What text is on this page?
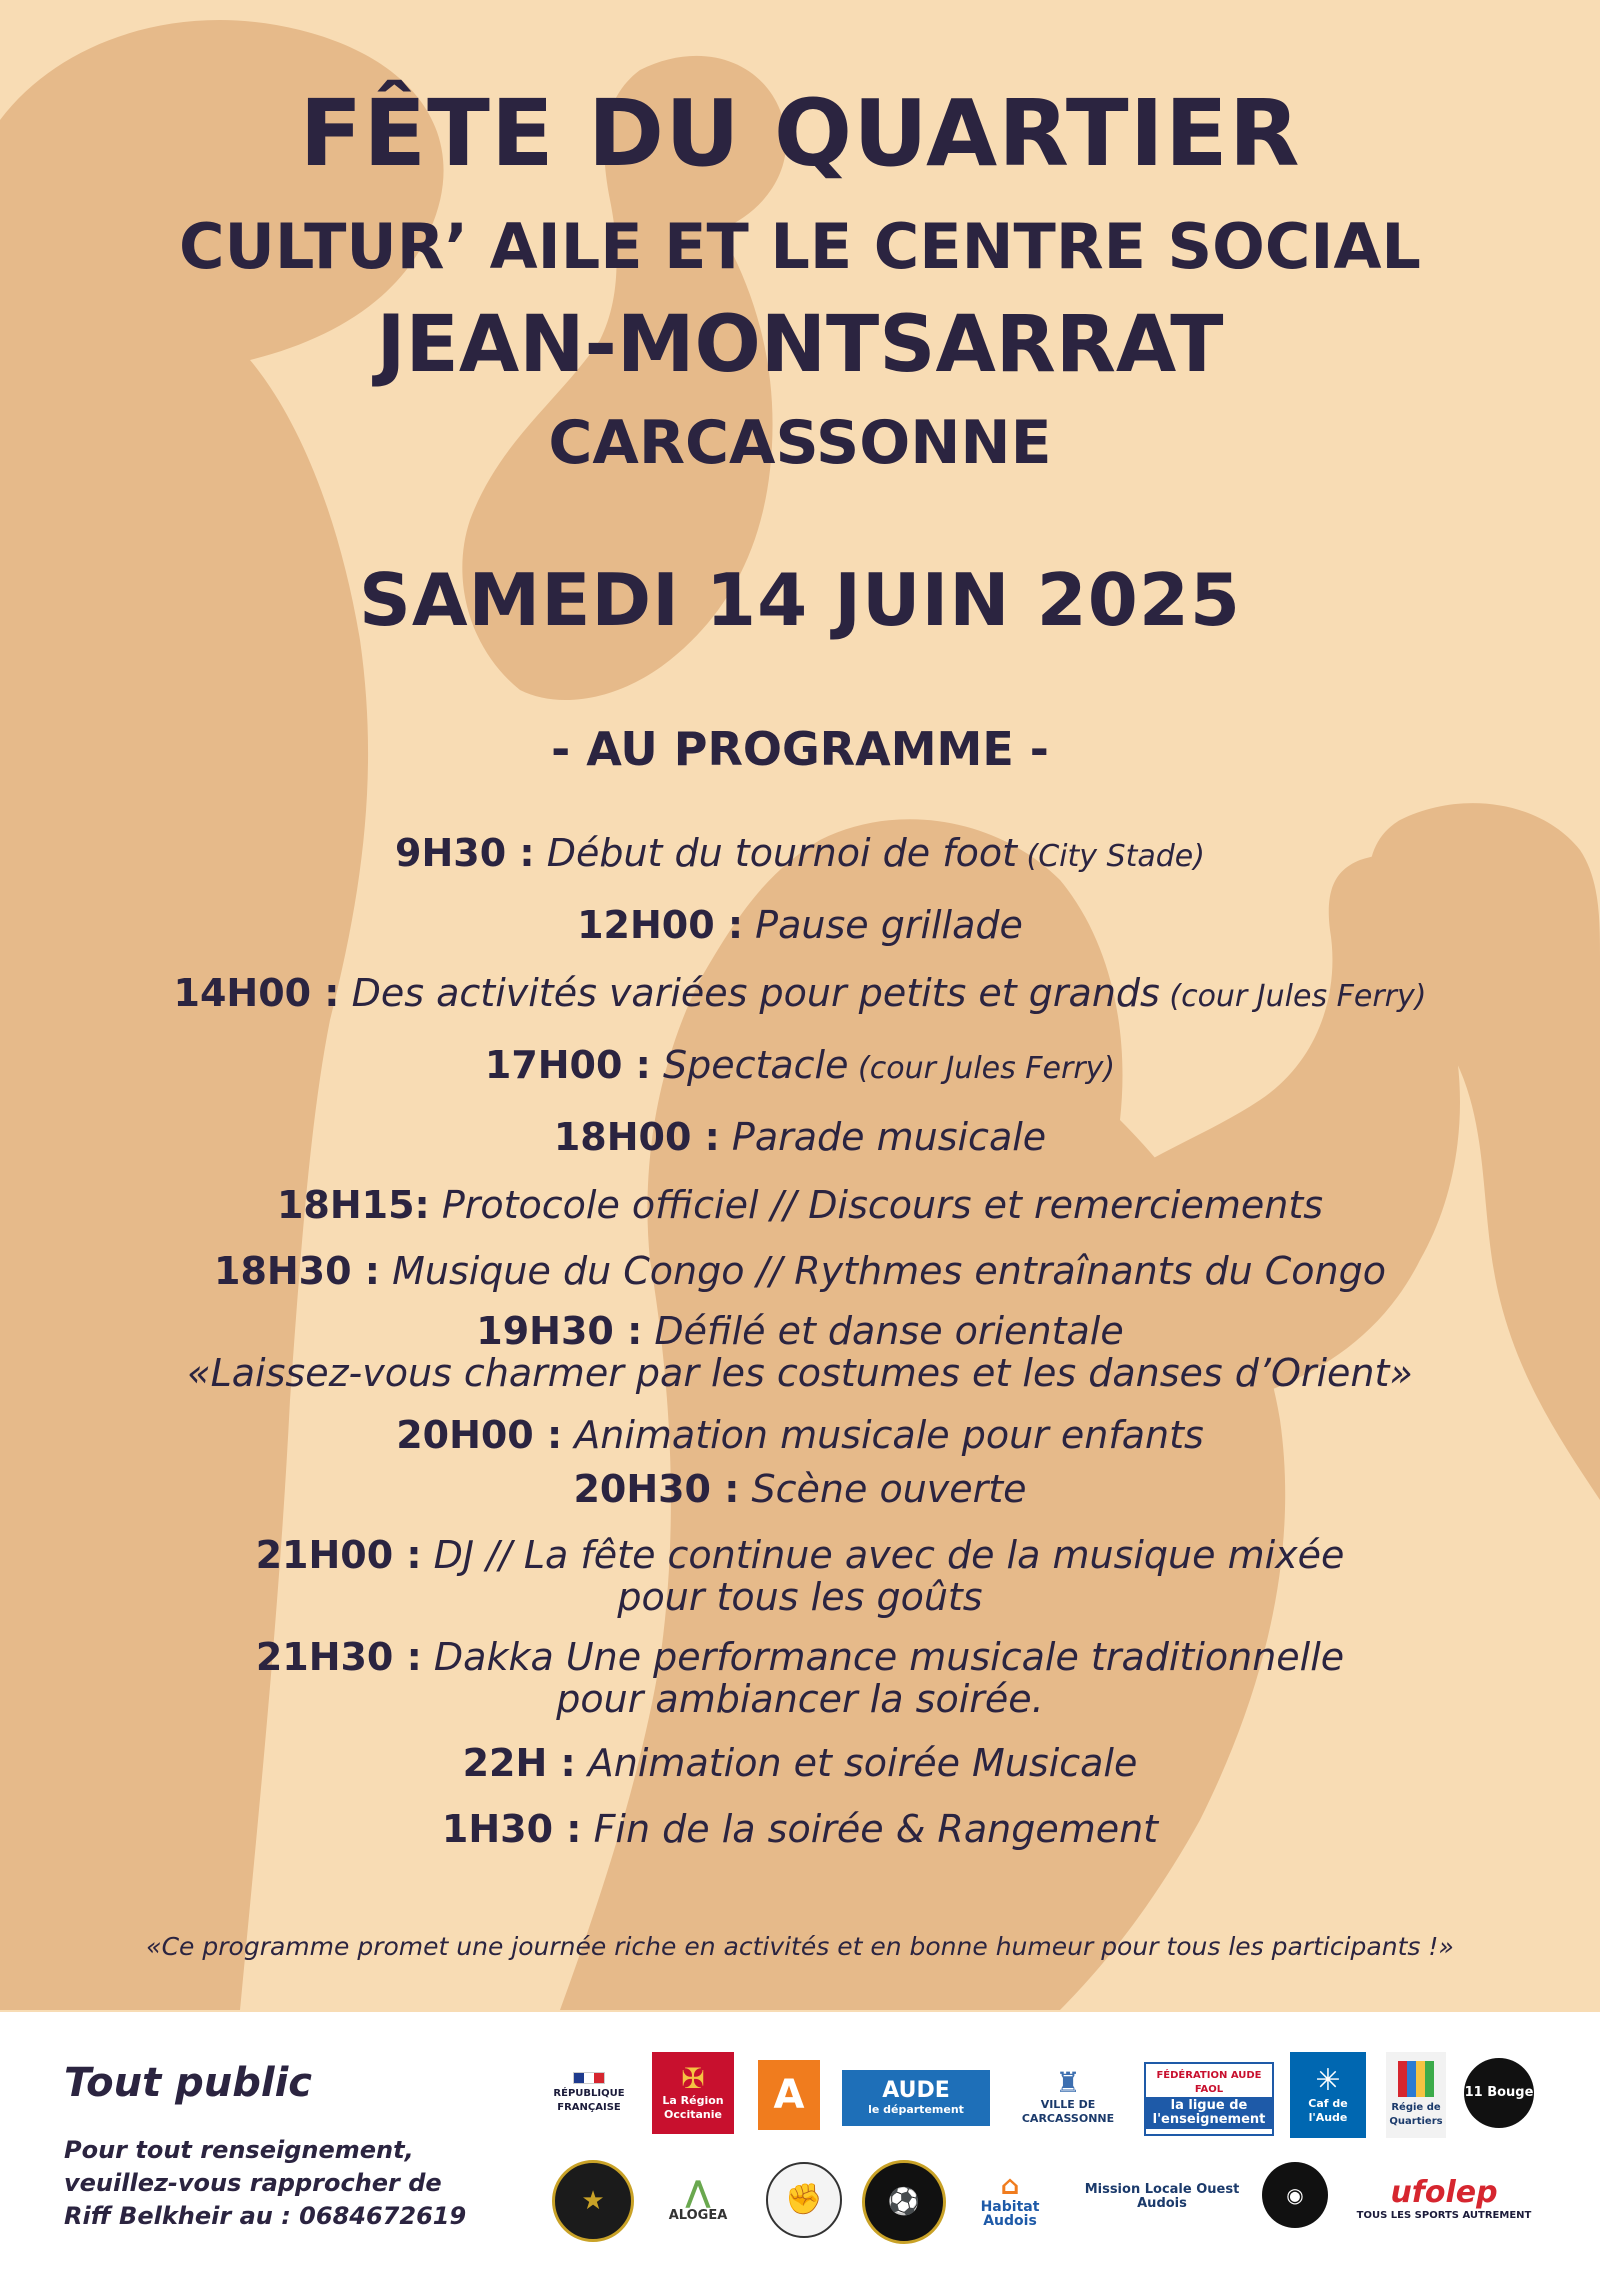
FÊTE DU QUARTIER
CULTUR’ AILE ET LE CENTRE SOCIAL
JEAN-MONTSARRAT
CARCASSONNE
SAMEDI 14 JUIN 2025
- AU PROGRAMME -
9H30 : Début du tournoi de foot (City Stade)
12H00 : Pause grillade
14H00 : Des activités variées pour petits et grands (cour Jules Ferry)
17H00 : Spectacle (cour Jules Ferry)
18H00 : Parade musicale
18H15: Protocole officiel // Discours et remerciements
18H30 : Musique du Congo // Rythmes entraînants du Congo
19H30 : Défilé et danse orientale
«Laissez-vous charmer par les costumes et les danses d’Orient»
20H00 : Animation musicale pour enfants
20H30 : Scène ouverte
21H00 : DJ // La fête continue avec de la musique mixée
pour tous les goûts
21H30 : Dakka Une performance musicale traditionnelle
pour ambiancer la soirée.
22H : Animation et soirée Musicale
1H30 : Fin de la soirée & Rangement
«Ce programme promet une journée riche en activités et en bonne humeur pour tous les participants !»
Tout public
Pour tout renseignement,
veuillez-vous rapprocher de
Riff Belkheir au : 0684672619
RÉPUBLIQUE FRANÇAISE
✠
La Région Occitanie	A	AUDE
le département
♜
VILLE DE CARCASSONNE
FÉDÉRATION AUDE FAOL
la ligue de l'enseignement
✳
Caf de l'Aude
Régie de Quartiers
11 Bouge
★	⋀
ALOGEA	✊	⚽
⌂
Habitat Audois
Mission Locale Ouest Audois	◉	ufolep
TOUS LES SPORTS AUTREMENT
